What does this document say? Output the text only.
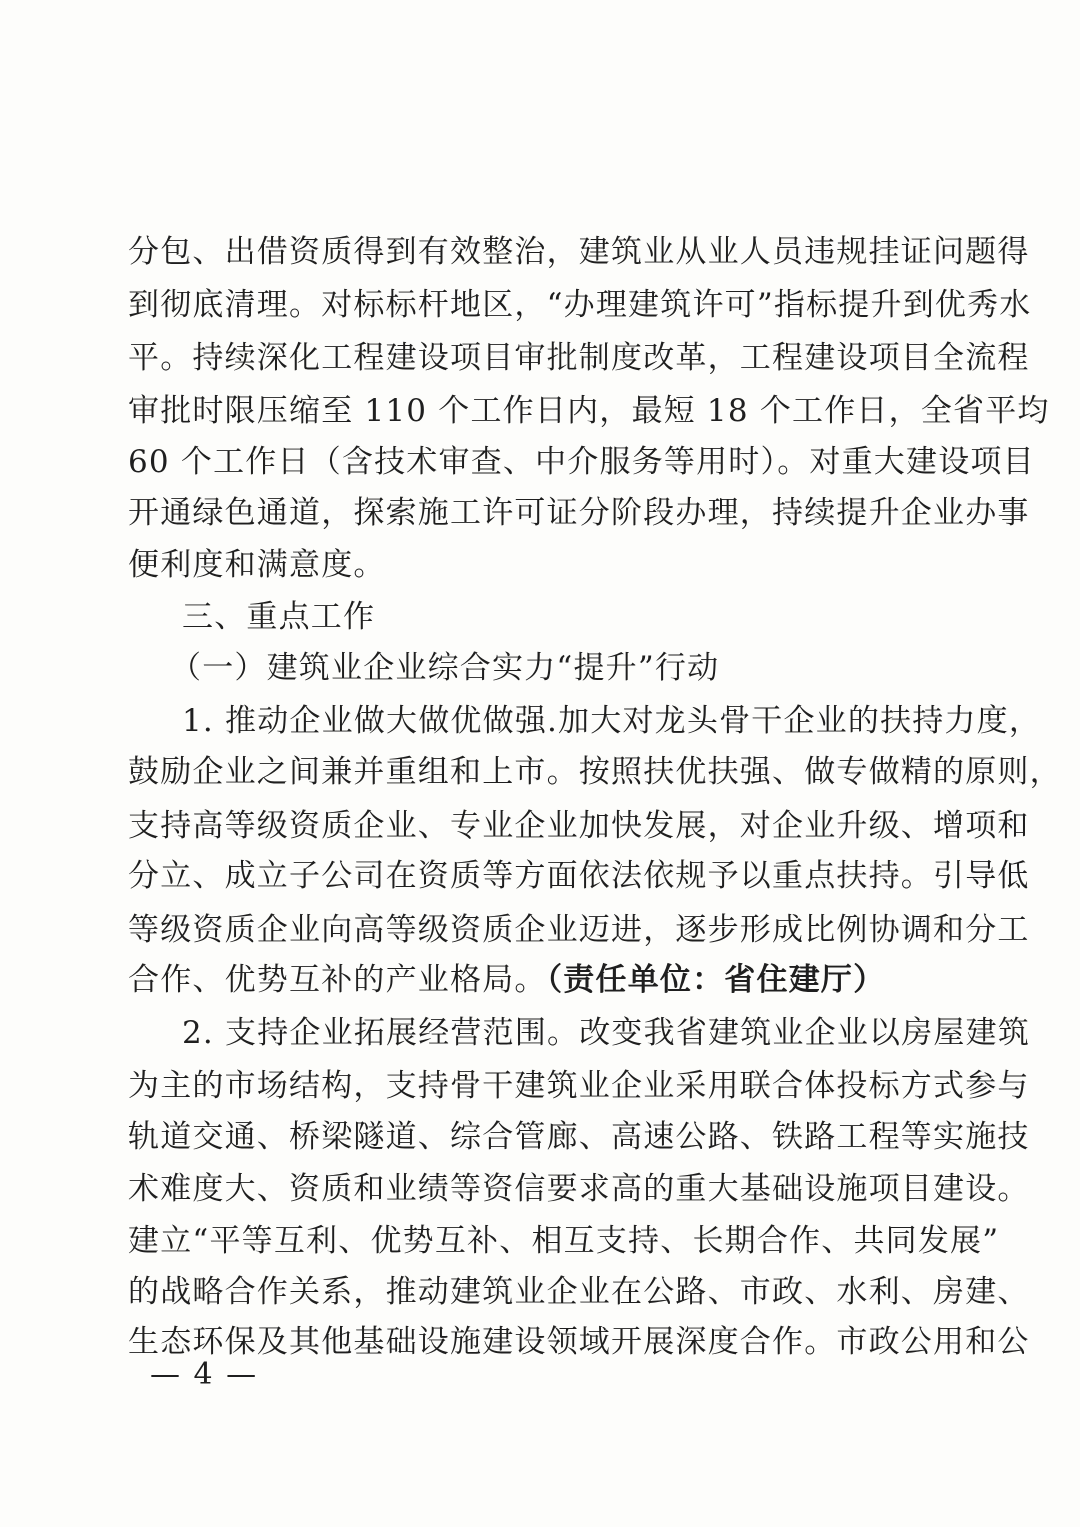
分包、出借资质得到有效整治，建筑业从业人员违规挂证问题得
到彻底清理。对标标杆地区，“办理建筑许可”指标提升到优秀水
平。持续深化工程建设项目审批制度改革，工程建设项目全流程
审批时限压缩至 110 个工作日内，最短 18 个工作日，全省平均
60 个工作日（含技术审查、中介服务等用时）。对重大建设项目
开通绿色通道，探索施工许可证分阶段办理，持续提升企业办事
便利度和满意度。
三、重点工作
（一）建筑业企业综合实力“提升”行动
1. 推动企业做大做优做强.加大对龙头骨干企业的扶持力度，
鼓励企业之间兼并重组和上市。按照扶优扶强、做专做精的原则，
支持高等级资质企业、专业企业加快发展，对企业升级、增项和
分立、成立子公司在资质等方面依法依规予以重点扶持。引导低
等级资质企业向高等级资质企业迈进，逐步形成比例协调和分工
合作、优势互补的产业格局。（责任单位：省住建厅）
2. 支持企业拓展经营范围。改变我省建筑业企业以房屋建筑
为主的市场结构，支持骨干建筑业企业采用联合体投标方式参与
轨道交通、桥梁隧道、综合管廊、高速公路、铁路工程等实施技
术难度大、资质和业绩等资信要求高的重大基础设施项目建设。
建立“平等互利、优势互补、相互支持、长期合作、共同发展”
的战略合作关系，推动建筑业企业在公路、市政、水利、房建、
生态环保及其他基础设施建设领域开展深度合作。市政公用和公
— 4 —
